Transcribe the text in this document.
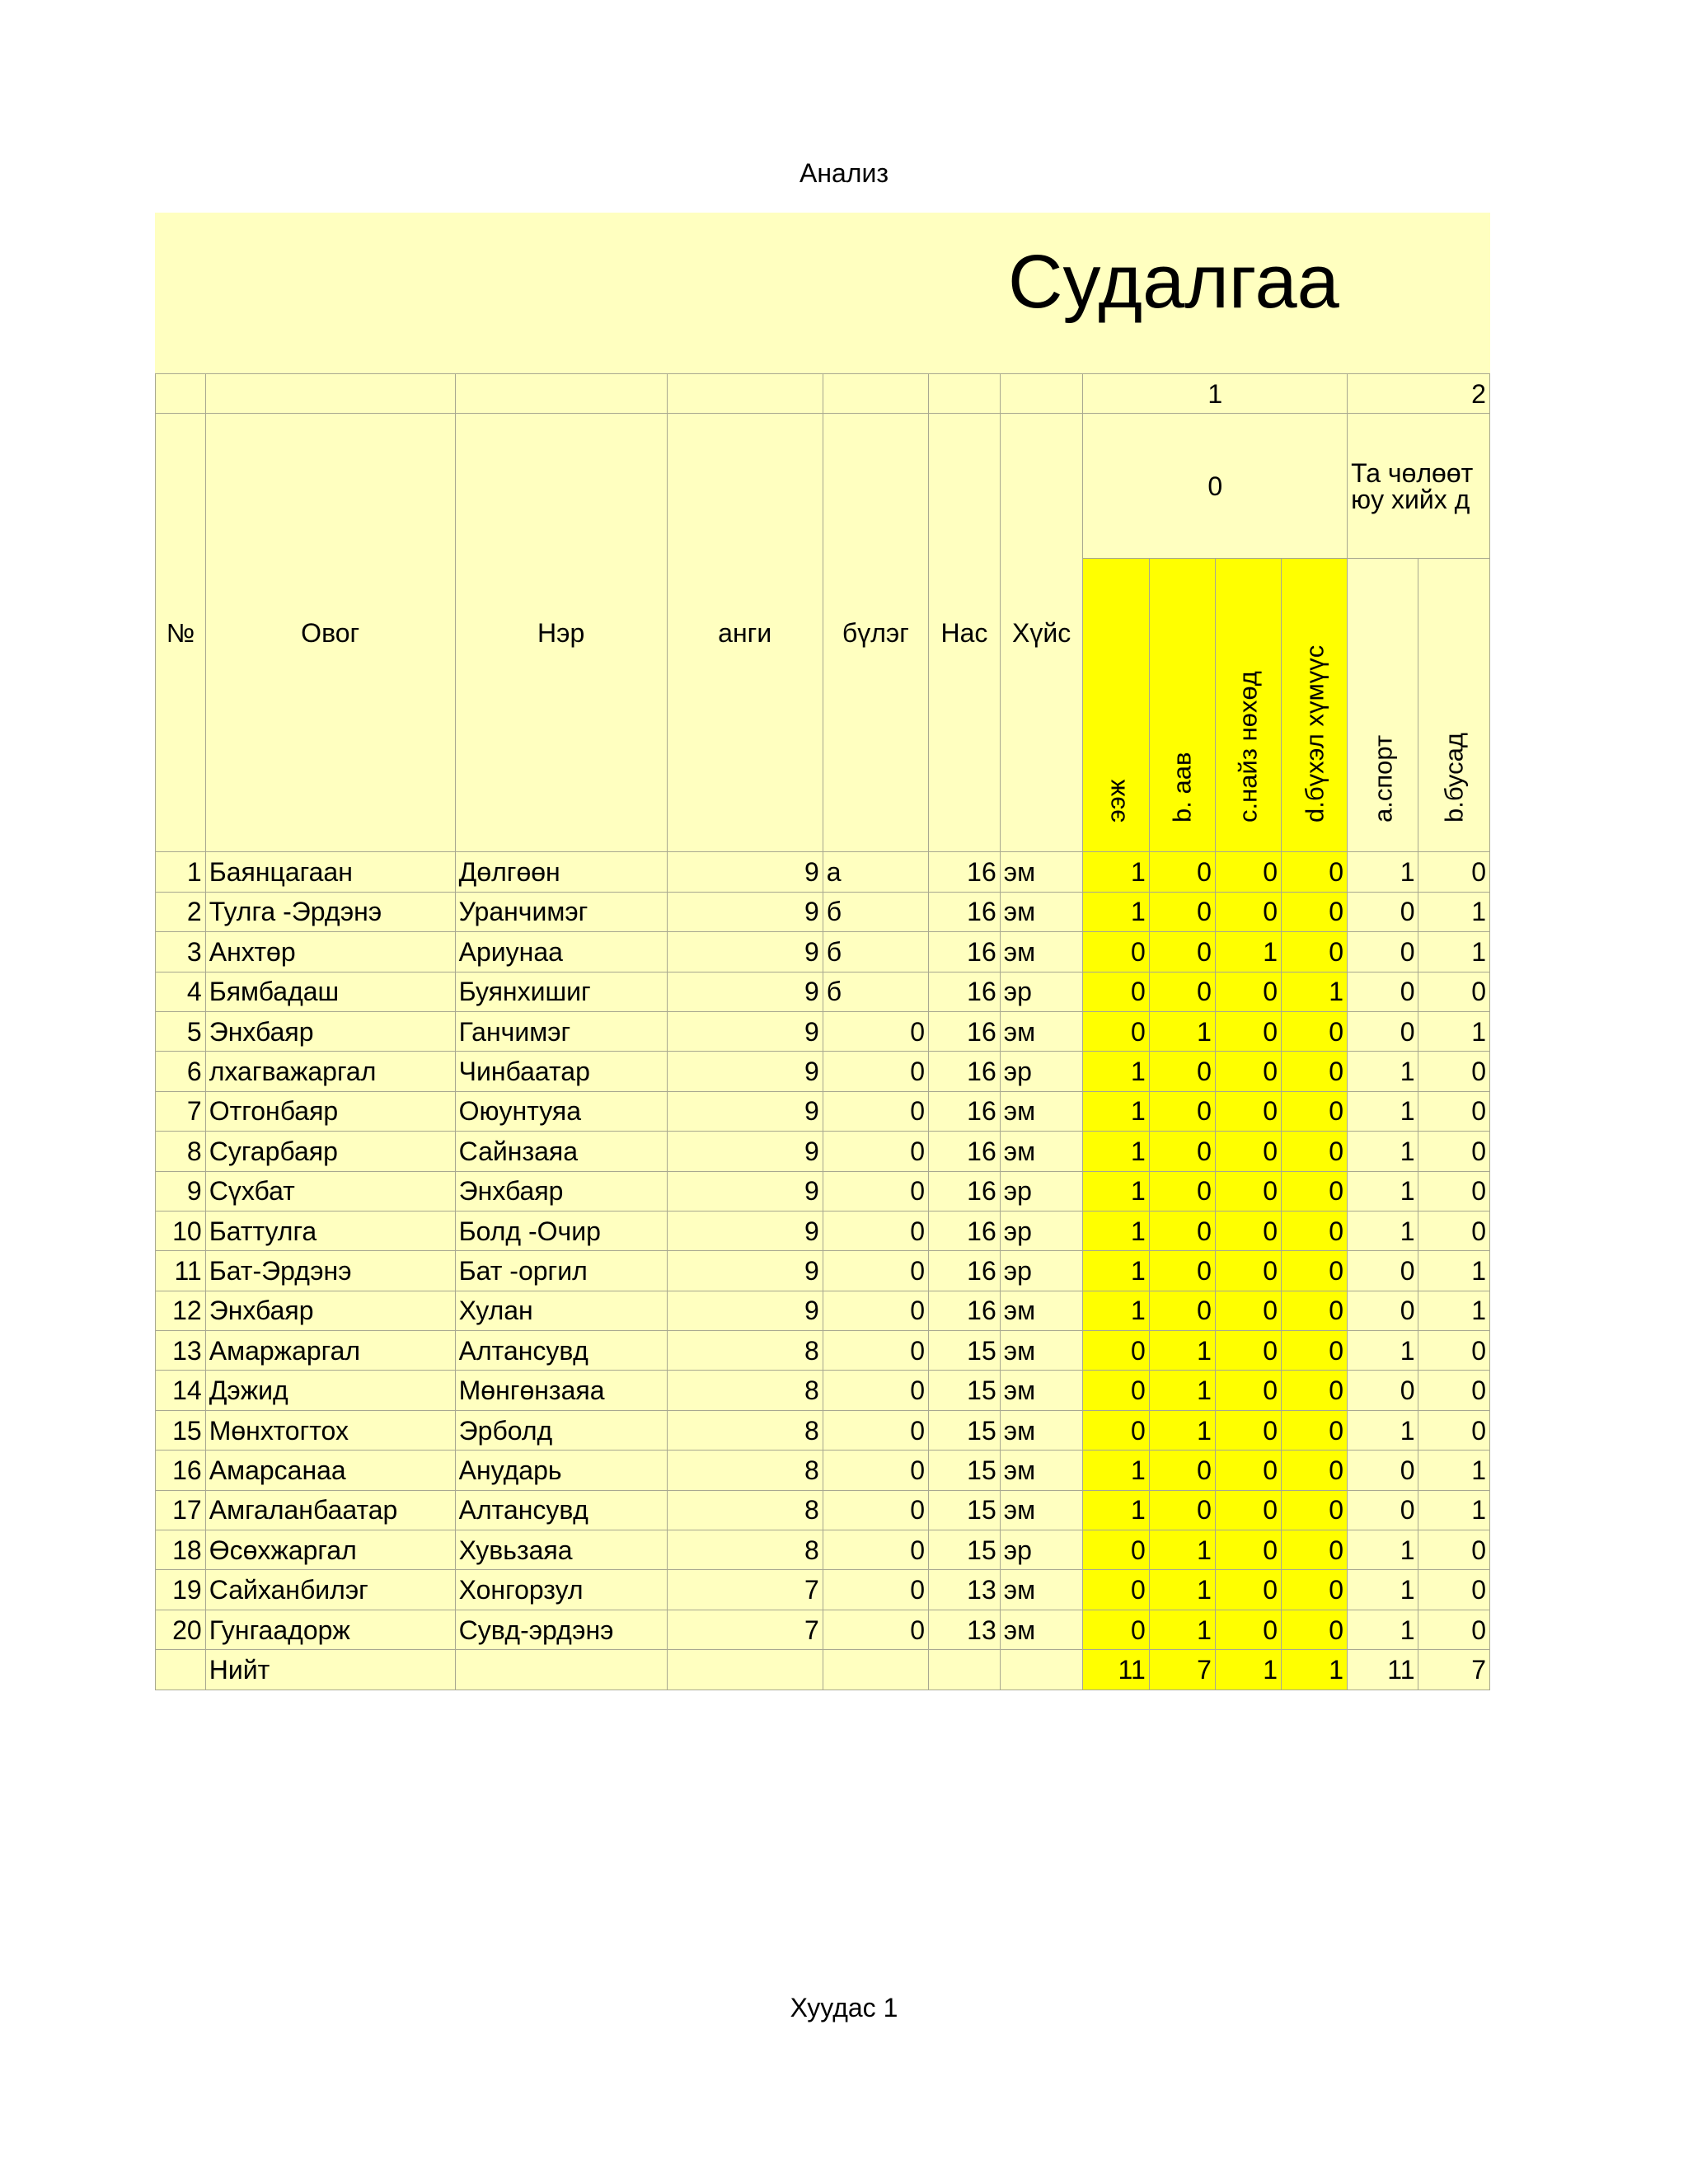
Анализ
Судалгаа
							1				2	
№	Овог	Нэр	анги	бүлэг	Нас	Хүйс	0				Та чөлөөт
юу хийх д	

							ээж	b. аав	c.найз нөхөд	d.бүхэл хүмүүс	a.спорт	b.бусад

1	Баянцагаан	Дөлгөөн	9	а	16	эм	1	0	0	0	1	0
2	Тулга -Эрдэнэ	Уранчимэг	9	б	16	эм	1	0	0	0	0	1
3	Анхтөр	Ариунаа	9	б	16	эм	0	0	1	0	0	1
4	Бямбадаш	Буянхишиг	9	б	16	эр	0	0	0	1	0	0
5	Энхбаяр	Ганчимэг	9	0	16	эм	0	1	0	0	0	1
6	лхагважаргал	Чинбаатар	9	0	16	эр	1	0	0	0	1	0
7	Отгонбаяр	Оюунтуяа	9	0	16	эм	1	0	0	0	1	0
8	Сугарбаяр	Сайнзаяа	9	0	16	эм	1	0	0	0	1	0
9	Сүхбат	Энхбаяр	9	0	16	эр	1	0	0	0	1	0
10	Баттулга	Болд -Очир	9	0	16	эр	1	0	0	0	1	0
11	Бат-Эрдэнэ	Бат -оргил	9	0	16	эр	1	0	0	0	0	1
12	Энхбаяр	Хулан	9	0	16	эм	1	0	0	0	0	1
13	Амаржаргал	Алтансувд	8	0	15	эм	0	1	0	0	1	0
14	Дэжид	Мөнгөнзаяа	8	0	15	эм	0	1	0	0	0	0
15	Мөнхтогтох	Эрболд	8	0	15	эм	0	1	0	0	1	0
16	Амарсанаа	Анударь	8	0	15	эм	1	0	0	0	0	1
17	Амгаланбаатар	Алтансувд	8	0	15	эм	1	0	0	0	0	1
18	Өсөхжаргал	Хувьзаяа	8	0	15	эр	0	1	0	0	1	0
19	Сайханбилэг	Хонгорзул	7	0	13	эм	0	1	0	0	1	0
20	Гунгаадорж	Сувд-эрдэнэ	7	0	13	эм	0	1	0	0	1	0
	Нийт						11	7	1	1	11	7
Хуудас 1
